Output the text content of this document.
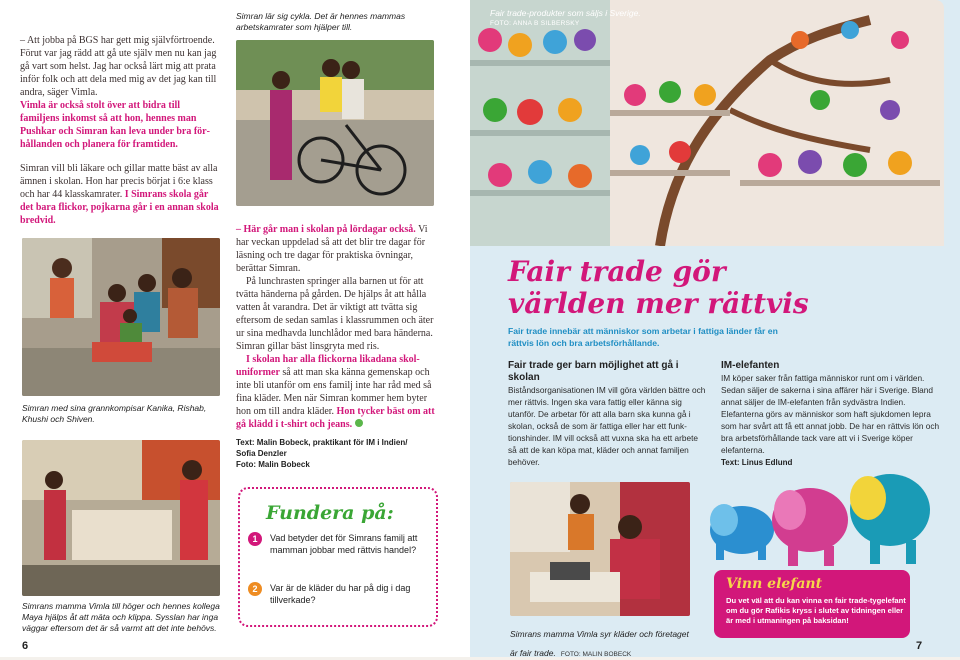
– Att jobba på BGS har gett mig självförtroende. Förut var jag rädd att gå ute själv men nu kan jag gå vart som helst. Jag har också lärt mig att prata inför folk och att dela med mig av det jag kan till andra, säger Vimla.
Vimla är också stolt över att bidra till familjens inkomst så att hon, hennes man Pushkar och Simran kan leva under bra förhållanden och planera för framtiden.
Simran vill bli läkare och gillar matte bäst av alla ämnen i skolan. Hon har precis börjat i 6:e klass och har 44 klasskamrater. I Simrans skola går det bara flickor, pojkarna går i en annan skola bredvid.
Simran med sina grannkompisar Kanika, Rishab, Khushi och Shiven.
Simrans mamma Vimla till höger och hennes kollega Maya hjälps åt att mäta och klippa. Sysslan har inga väggar eftersom det är så varmt att det inte behövs.
6
Simran lär sig cykla. Det är hennes mammas arbetskamrater som hjälper till.
– Här går man i skolan på lördagar också. Vi har veckan uppdelad så att det blir tre dagar för läsning och tre dagar för praktiska övningar, berättar Simran.
På lunchrasten springer alla barnen ut för att tvätta händerna på gården. De hjälps åt att hålla vatten åt varandra. Det är viktigt att tvätta sig eftersom de sedan samlas i klassrummen och äter ur sina medhavda lunchlådor med bara händerna. Simran gillar bäst linsgryta med ris.
I skolan har alla flickorna likadana skoluniformer så att man ska känna gemenskap och inte bli utanför om ens familj inte har råd med så fina kläder. Men när Simran kommer hem byter hon om till andra kläder. Hon tycker bäst om att gå klädd i t-shirt och jeans.
Text: Malin Bobeck, praktikant för IM i Indien/
Sofia Denzler
Foto: Malin Bobeck
Fundera på:
1	Vad betyder det för Simrans familj att mamman jobbar med rättvis handel?
2	Var är de kläder du har på dig i dag tillverkade?
Fair trade-produkter som säljs i Sverige.
FOTO: ANNA B SILBERSKY
Fair trade gör
världen mer rättvis
Fair trade innebär att människor som arbetar i fattiga länder får en rättvis lön och bra arbetsförhållande.
Fair trade ger barn möjlighet att gå i skolan
Biståndsorganisationen IM vill göra världen bättre och mer rättvis. Ingen ska vara fattig eller känna sig utanför. De arbetar för att alla barn ska kunna gå i skolan, också de som är fattiga eller har ett funktionshinder. IM vill också att vuxna ska ha ett arbete så att de kan köpa mat, kläder och annat familjen behöver.
IM-elefanten
IM köper saker från fattiga människor runt om i världen. Sedan säljer de sakerna i sina affärer här i Sverige. Bland annat säljer de IM-elefanten från sydvästra Indien. Elefanterna görs av människor som haft sjukdomen lepra som har svårt att få ett annat jobb. De har en rättvis lön och bra arbetsförhållande tack vare att vi i Sverige köper elefanterna.
Text: Linus Edlund
Simrans mamma Vimla syr kläder och företaget är fair trade. FOTO: MALIN BOBECK
Vinn elefant
Du vet väl att du kan vinna en fair trade-tygelefant om du gör Rafikis kryss i slutet av tidningen eller är med i utmaningen på baksidan!
7
